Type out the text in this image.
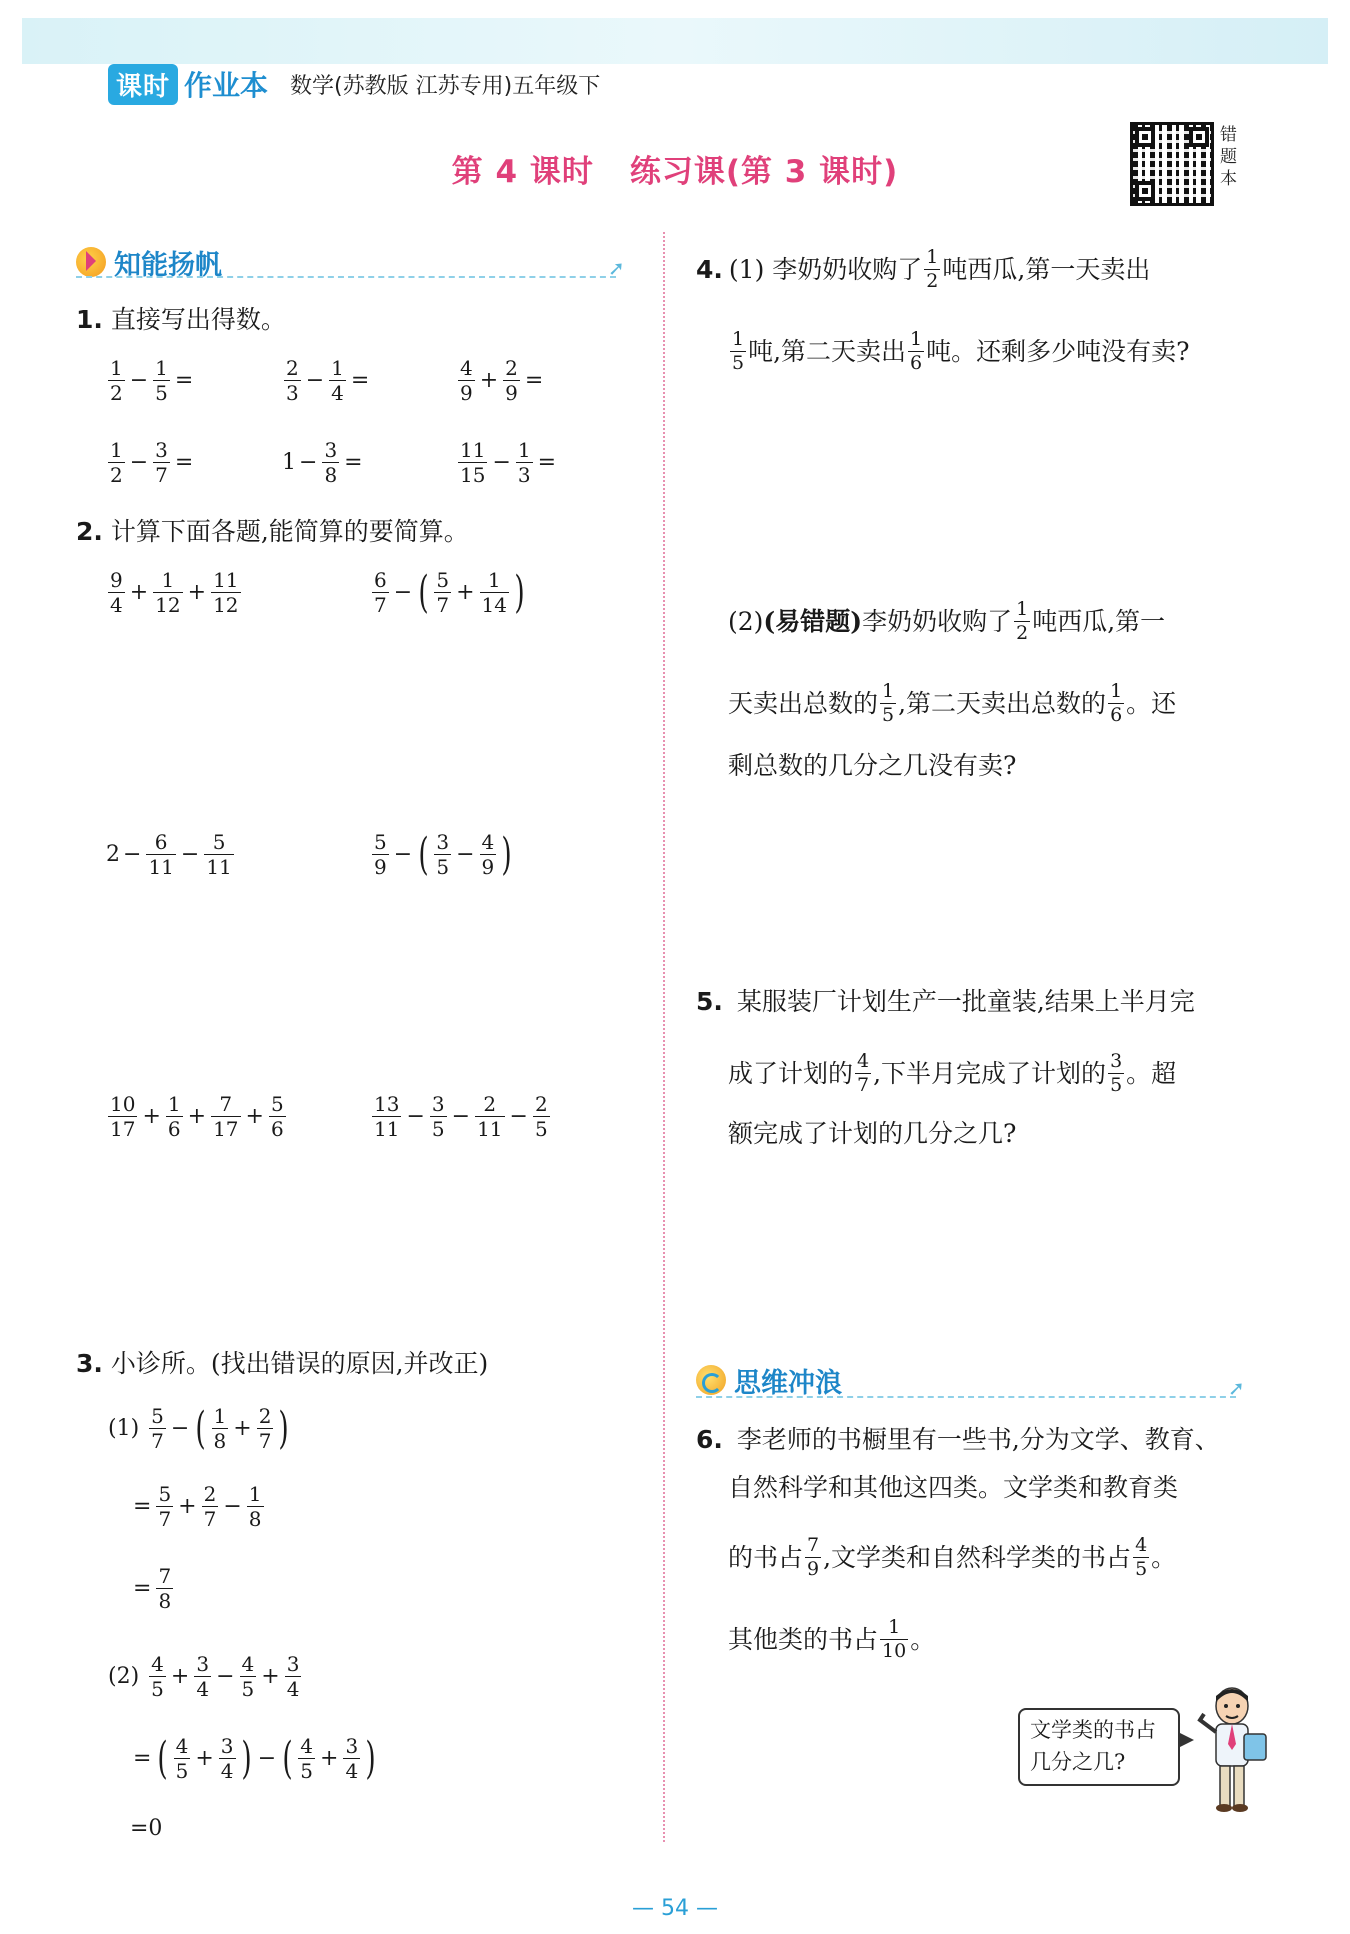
课时 作业本 数学(苏教版 江苏专用)五年级下
第 4 课时 练习课(第 3 课时)
错题本
知能扬帆	➚
1. 直接写出得数。
$\frac{1}{2} - \frac{1}{5}$ =	$\frac{2}{3} - \frac{1}{4}$ =	$\frac{4}{9} + \frac{2}{9}$ =
$\frac{1}{2} - \frac{3}{7}$ =	$1 - \frac{3}{8}$ =	$\frac{11}{15} - \frac{1}{3}$ =
2. 计算下面各题,能简算的要简算。
$\frac{9}{4} + \frac{1}{12} + \frac{11}{12}$	$\frac{6}{7}$ − ( $\frac{5}{7} + \frac{1}{14}$ )
$2 - \frac{6}{11} - \frac{5}{11}$	$\frac{5}{9}$ − ( $\frac{3}{5} - \frac{4}{9}$ )
$\frac{10}{17} + \frac{1}{6} + \frac{7}{17} + \frac{5}{6}$	$\frac{13}{11} - \frac{3}{5} - \frac{2}{11} - \frac{2}{5}$
3. 小诊所。(找出错误的原因,并改正)
$(1) \frac{5}{7}$ − ( $\frac{1}{8} + \frac{2}{7}$ )
= $\frac{5}{7} + \frac{2}{7} - \frac{1}{8}$
= $\frac{7}{8}$
$(2) \frac{4}{5} + \frac{3}{4} - \frac{4}{5} + \frac{3}{4}$
= ( $\frac{4}{5} + \frac{3}{4}$ ) − ( $\frac{4}{5} + \frac{3}{4}$ )
=0
4. (1) 李奶奶收购了 $\frac{1}{2}$ 吨西瓜,第一天卖出
$\frac{1}{5}$ 吨,第二天卖出 $\frac{1}{6}$ 吨。还剩多少吨没有卖?
(2) (易错题) 李奶奶收购了 $\frac{1}{2}$ 吨西瓜,第一
天卖出总数的 $\frac{1}{5}$ ,第二天卖出总数的 $\frac{1}{6}$ 。还
剩总数的几分之几没有卖?
5. 某服装厂计划生产一批童装,结果上半月完
成了计划的 $\frac{4}{7}$ ,下半月完成了计划的 $\frac{3}{5}$ 。超
额完成了计划的几分之几?
思维冲浪	➚
6. 李老师的书橱里有一些书,分为文学、教育、
自然科学和其他这四类。文学类和教育类
的书占 $\frac{7}{9}$ ,文学类和自然科学类的书占 $\frac{4}{5}$ 。
其他类的书占 $\frac{1}{10}$ 。
文学类的书占
几分之几?
— 54 —
